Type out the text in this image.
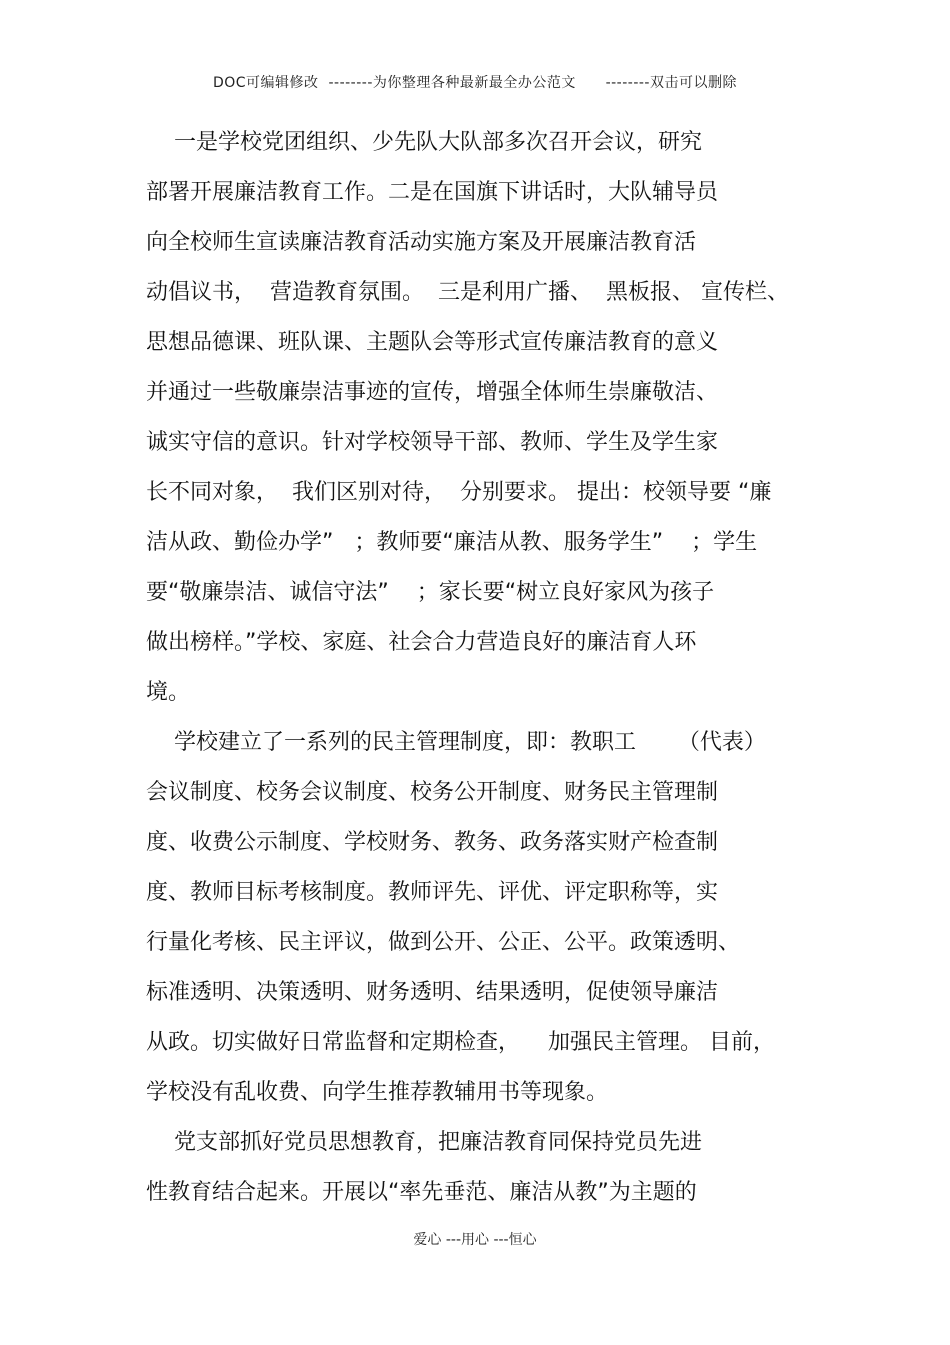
DOC可编辑修改  --------为你整理各种最新最全办公范文      --------双击可以删除
一是学校党团组织、少先队大队部多次召开会议，研究
部署开展廉洁教育工作。二是在国旗下讲话时，大队辅导员
向全校师生宣读廉洁教育活动实施方案及开展廉洁教育活
动倡议书，  营造教育氛围。  三是利用广播、  黑板报、 宣传栏、
思想品德课、班队课、主题队会等形式宣传廉洁教育的意义
并通过一些敬廉崇洁事迹的宣传，增强全体师生崇廉敬洁、
诚实守信的意识。针对学校领导干部、教师、学生及学生家
长不同对象，  我们区别对待，  分别要求。 提出：校领导要 “廉
洁从政、勤俭办学”   ；教师要“廉洁从教、服务学生”    ；学生
要“敬廉崇洁、诚信守法”    ；家长要“树立良好家风为孩子
做出榜样。”学校、家庭、社会合力营造良好的廉洁育人环
境。
学校建立了一系列的民主管理制度，即：教职工      （代表）
会议制度、校务会议制度、校务公开制度、财务民主管理制
度、收费公示制度、学校财务、教务、政务落实财产检查制
度、教师目标考核制度。教师评先、评优、评定职称等，实
行量化考核、民主评议，做到公开、公正、公平。政策透明、
标准透明、决策透明、财务透明、结果透明，促使领导廉洁
从政。切实做好日常监督和定期检查，    加强民主管理。 目前，
学校没有乱收费、向学生推荐教辅用书等现象。
党支部抓好党员思想教育，把廉洁教育同保持党员先进
性教育结合起来。开展以“率先垂范、廉洁从教”为主题的
爱心 ---用心 ---恒心
